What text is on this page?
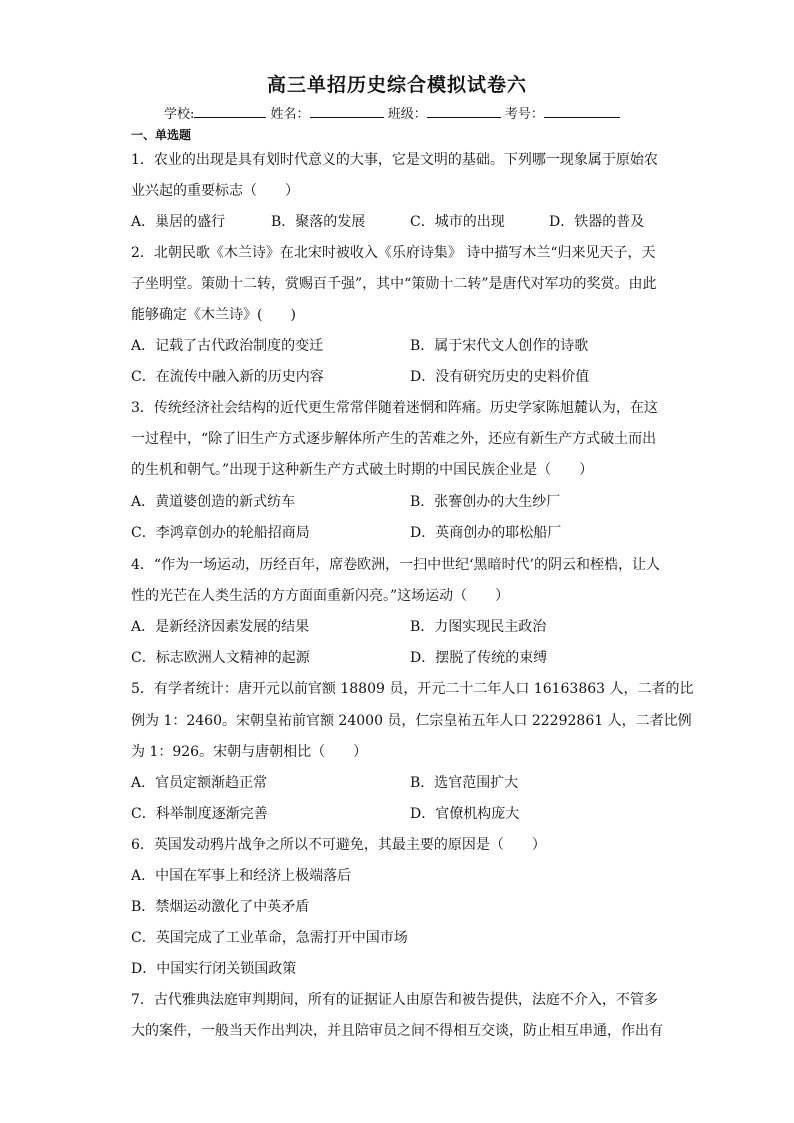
高三单招历史综合模拟试卷六
学校:	姓名：	班级：	考号：
一、单选题
1．农业的出现是具有划时代意义的大事，它是文明的基础。下列哪一现象属于原始农
业兴起的重要标志（　　）
A．巢居的盛行	B．聚落的发展	C．城市的出现	D．铁器的普及
2．北朝民歌《木兰诗》在北宋时被收入《乐府诗集》 诗中描写木兰“归来见天子，天
子坐明堂。策勋十二转，赏赐百千强”，其中“策勋十二转”是唐代对军功的奖赏。由此
能够确定《木兰诗》(　　)
A．记载了古代政治制度的变迁	B．属于宋代文人创作的诗歌
C．在流传中融入新的历史内容	D．没有研究历史的史料价值
3．传统经济社会结构的近代更生常常伴随着迷惘和阵痛。历史学家陈旭麓认为，在这
一过程中，“除了旧生产方式逐步解体所产生的苦难之外，还应有新生产方式破土而出
的生机和朝气。”出现于这种新生产方式破土时期的中国民族企业是（　　）
A．黄道婆创造的新式纺车	B．张謇创办的大生纱厂
C．李鸿章创办的轮船招商局	D．英商创办的耶松船厂
4．“作为一场运动，历经百年，席卷欧洲，一扫中世纪‘黑暗时代’的阴云和桎梏，让人
性的光芒在人类生活的方方面面重新闪亮。”这场运动（　　）
A．是新经济因素发展的结果	B．力图实现民主政治
C．标志欧洲人文精神的起源	D．摆脱了传统的束缚
5．有学者统计：唐开元以前官额 18809 员，开元二十二年人口 16163863 人，二者的比
例为 1：2460。宋朝皇祐前官额 24000 员，仁宗皇祐五年人口 22292861 人，二者比例
为 1：926。宋朝与唐朝相比（　　）
A．官员定额渐趋正常	B．选官范围扩大
C．科举制度逐渐完善	D．官僚机构庞大
6．英国发动鸦片战争之所以不可避免，其最主要的原因是（　　）
A．中国在军事上和经济上极端落后
B．禁烟运动激化了中英矛盾
C．英国完成了工业革命，急需打开中国市场
D．中国实行闭关锁国政策
7．古代雅典法庭审判期间，所有的证据证人由原告和被告提供，法庭不介入，不管多
大的案件，一般当天作出判决，并且陪审员之间不得相互交谈，防止相互串通，作出有
